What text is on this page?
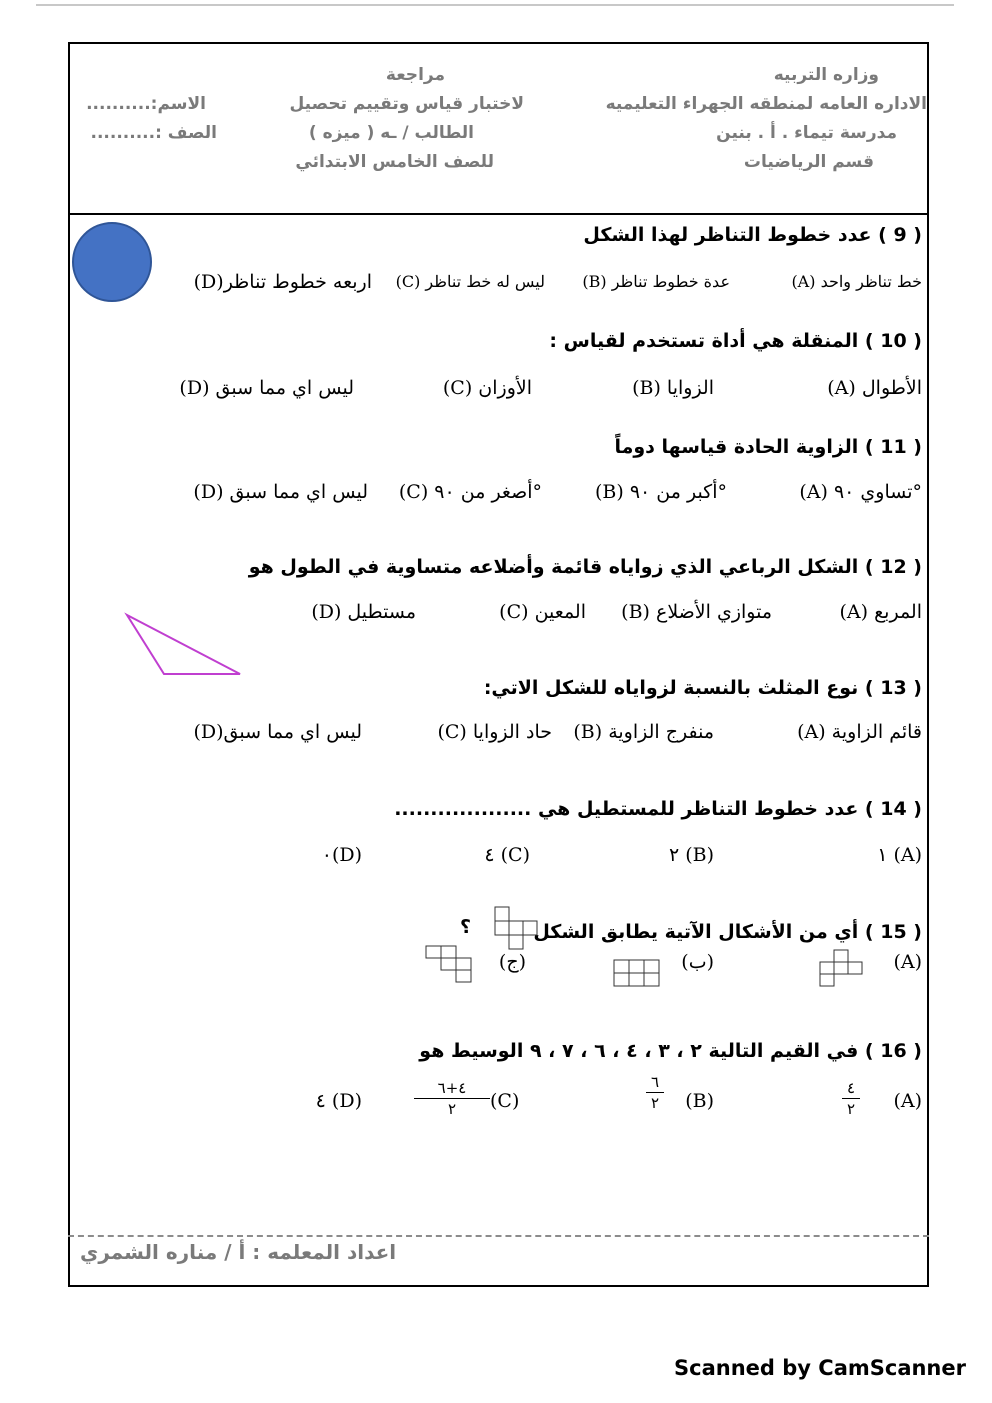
وزاره التربيه
الاداره العامه لمنطقه الجهراء التعليميه
مدرسة تيماء . أ . بنين
قسم الرياضيات
مراجعة
لاختبار قياس وتقييم تحصيل
الطالب / ـه ( ميزه )
للصف الخامس الابتدائي
الاسم:..........
الصف :..........
( 9 ) عدد خطوط التناظر لهذا الشكل
(A) خط تناظر واحد
(B) عدة خطوط تناظر
(C) ليس له خط تناظر
(D)اربعه خطوط تناظر
( 10 ) المنقلة هي أداة تستخدم لقياس :
(A) الأطوال
(B) الزوايا
(C) الأوزان
(D) ليس اي مما سبق
( 11 ) الزاوية الحادة قياسها دوماً
(A) تساوي ٩٠°
(B) أكبر من ٩٠°
(C) أصغر من ٩٠°
(D) ليس اي مما سبق
( 12 ) الشكل الرباعي الذي زواياه قائمة وأضلاعه متساوية في الطول هو
(A) المربع
(B) متوازي الأضلاع
(C) المعين
(D) مستطيل
( 13 ) نوع المثلث بالنسبة لزواياه للشكل الاتي:
(A) قائم الزاوية
(B) منفرج الزاوية
(C) حاد الزوايا
(D)ليس اي مما سبق
( 14 ) عدد خطوط التناظر للمستطيل هي ...................
١ (A)
٢ (B)
٤ (C)
٠(D)
( 15 ) أي من الأشكال الآتية يطابق الشكل
؟
(A)
(ب)
(ج)
( 16 ) في القيم التالية ٢ ، ٣ ، ٤ ، ٦ ، ٧ ، ٩ الوسيط هو
(A)
٤
٢
(B)
٦
٢
(C)
٤+٦
٢
٤ (D)
اعداد المعلمه : أ / مناره الشمري
Scanned by CamScanner
